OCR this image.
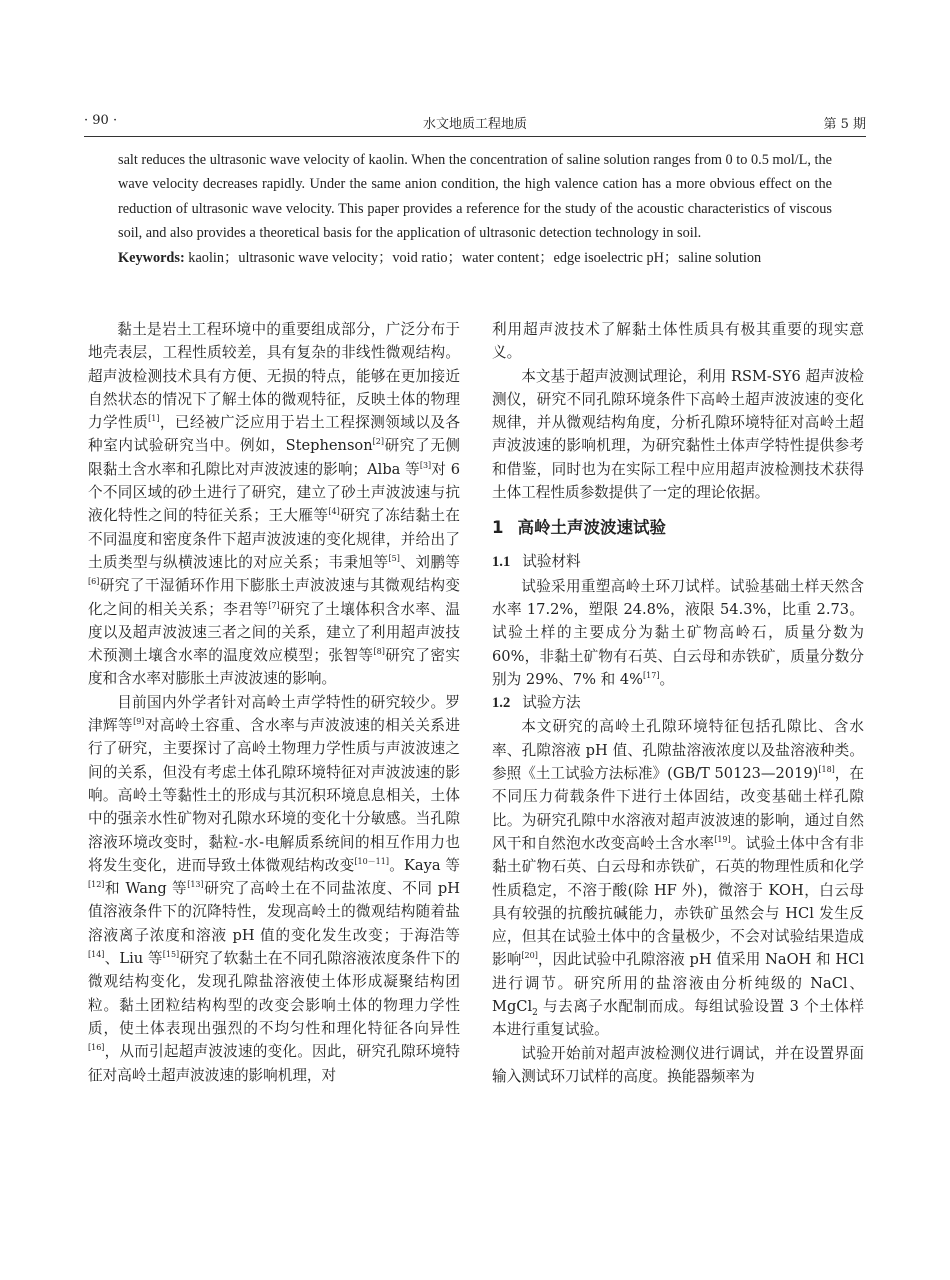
· 90 ·	水文地质工程地质	第 5 期

salt reduces the ultrasonic wave velocity of kaolin. When the concentration of saline solution ranges from 0 to 0.5 mol/L, the wave velocity decreases rapidly. Under the same anion condition, the high valence cation has a more obvious effect on the reduction of ultrasonic wave velocity. This paper provides a reference for the study of the acoustic characteristics of viscous soil, and also provides a theoretical basis for the application of ultrasonic detection technology in soil.

Keywords: kaolin；ultrasonic wave velocity；void ratio；water content；edge isoelectric pH；saline solution

黏土是岩土工程环境中的重要组成部分，广泛分布于地壳表层，工程性质较差，具有复杂的非线性微观结构。超声波检测技术具有方便、无损的特点，能够在更加接近自然状态的情况下了解土体的微观特征，反映土体的物理力学性质[1]，已经被广泛应用于岩土工程探测领域以及各种室内试验研究当中。例如，Stephenson[2]研究了无侧限黏土含水率和孔隙比对声波波速的影响；Alba 等[3]对 6 个不同区域的砂土进行了研究，建立了砂土声波波速与抗液化特性之间的特征关系；王大雁等[4]研究了冻结黏土在不同温度和密度条件下超声波波速的变化规律，并给出了土质类型与纵横波速比的对应关系；韦秉旭等[5]、刘鹏等[6]研究了干湿循环作用下膨胀土声波波速与其微观结构变化之间的相关关系；李君等[7]研究了土壤体积含水率、温度以及超声波波速三者之间的关系，建立了利用超声波技术预测土壤含水率的温度效应模型；张智等[8]研究了密实度和含水率对膨胀土声波波速的影响。

目前国内外学者针对高岭土声学特性的研究较少。罗津辉等[9]对高岭土容重、含水率与声波波速的相关关系进行了研究，主要探讨了高岭土物理力学性质与声波波速之间的关系，但没有考虑土体孔隙环境特征对声波波速的影响。高岭土等黏性土的形成与其沉积环境息息相关，土体中的强亲水性矿物对孔隙水环境的变化十分敏感。当孔隙溶液环境改变时，黏粒-水-电解质系统间的相互作用力也将发生变化，进而导致土体微观结构改变[10－11]。Kaya 等[12]和 Wang 等[13]研究了高岭土在不同盐浓度、不同 pH 值溶液条件下的沉降特性，发现高岭土的微观结构随着盐溶液离子浓度和溶液 pH 值的变化发生改变；于海浩等[14]、Liu 等[15]研究了软黏土在不同孔隙溶液浓度条件下的微观结构变化，发现孔隙盐溶液使土体形成凝聚结构团粒。黏土团粒结构构型的改变会影响土体的物理力学性质，使土体表现出强烈的不均匀性和理化特征各向异性[16]，从而引起超声波波速的变化。因此，研究孔隙环境特征对高岭土超声波波速的影响机理，对

利用超声波技术了解黏土体性质具有极其重要的现实意义。

本文基于超声波测试理论，利用 RSM-SY6 超声波检测仪，研究不同孔隙环境条件下高岭土超声波波速的变化规律，并从微观结构角度，分析孔隙环境特征对高岭土超声波波速的影响机理，为研究黏性土体声学特性提供参考和借鉴，同时也为在实际工程中应用超声波检测技术获得土体工程性质参数提供了一定的理论依据。

1 高岭土声波波速试验
1.1 试验材料

试验采用重塑高岭土环刀试样。试验基础土样天然含水率 17.2%，塑限 24.8%，液限 54.3%，比重 2.73。试验土样的主要成分为黏土矿物高岭石，质量分数为 60%，非黏土矿物有石英、白云母和赤铁矿，质量分数分别为 29%、7% 和 4%[17]。

1.2 试验方法

本文研究的高岭土孔隙环境特征包括孔隙比、含水率、孔隙溶液 pH 值、孔隙盐溶液浓度以及盐溶液种类。参照《土工试验方法标准》(GB/T 50123—2019)[18]，在不同压力荷载条件下进行土体固结，改变基础土样孔隙比。为研究孔隙中水溶液对超声波波速的影响，通过自然风干和自然泡水改变高岭土含水率[19]。试验土体中含有非黏土矿物石英、白云母和赤铁矿，石英的物理性质和化学性质稳定，不溶于酸(除 HF 外)，微溶于 KOH，白云母具有较强的抗酸抗碱能力，赤铁矿虽然会与 HCl 发生反应，但其在试验土体中的含量极少，不会对试验结果造成影响[20]，因此试验中孔隙溶液 pH 值采用 NaOH 和 HCl 进行调节。研究所用的盐溶液由分析纯级的 NaCl、MgCl$_2$ 与去离子水配制而成。每组试验设置 3 个土体样本进行重复试验。

试验开始前对超声波检测仪进行调试，并在设置界面输入测试环刀试样的高度。换能器频率为
